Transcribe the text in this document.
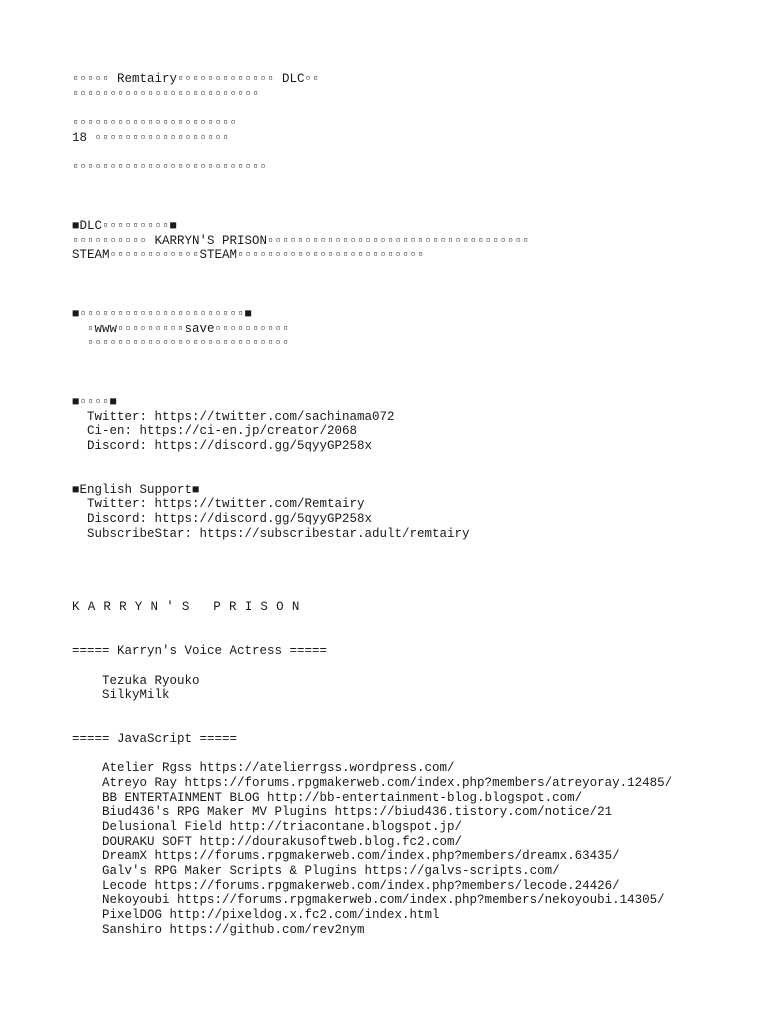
▫▫▫▫▫ Remtairy▫▫▫▫▫▫▫▫▫▫▫▫▫ DLC▫▫
▫▫▫▫▫▫▫▫▫▫▫▫▫▫▫▫▫▫▫▫▫▫▫▫▫
▫▫▫▫▫▫▫▫▫▫▫▫▫▫▫▫▫▫▫▫▫▫
18 ▫▫▫▫▫▫▫▫▫▫▫▫▫▫▫▫▫▫
▫▫▫▫▫▫▫▫▫▫▫▫▫▫▫▫▫▫▫▫▫▫▫▫▫▫
■DLC▫▫▫▫▫▫▫▫▫■
▫▫▫▫▫▫▫▫▫▫ KARRYN'S PRISON▫▫▫▫▫▫▫▫▫▫▫▫▫▫▫▫▫▫▫▫▫▫▫▫▫▫▫▫▫▫▫▫▫▫▫
STEAM▫▫▫▫▫▫▫▫▫▫▫▫STEAM▫▫▫▫▫▫▫▫▫▫▫▫▫▫▫▫▫▫▫▫▫▫▫▫▫
■▫▫▫▫▫▫▫▫▫▫▫▫▫▫▫▫▫▫▫▫▫▫■
▫www▫▫▫▫▫▫▫▫▫save▫▫▫▫▫▫▫▫▫▫
▫▫▫▫▫▫▫▫▫▫▫▫▫▫▫▫▫▫▫▫▫▫▫▫▫▫▫
■▫▫▫▫■
Twitter: https://twitter.com/sachinama072
Ci-en: https://ci-en.jp/creator/2068
Discord: https://discord.gg/5qyyGP258x
■English Support■
Twitter: https://twitter.com/Remtairy
Discord: https://discord.gg/5qyyGP258x
SubscribeStar: https://subscribestar.adult/remtairy
KARRYN'S PRISON
===== Karryn's Voice Actress =====
Tezuka Ryouko
SilkyMilk
===== JavaScript =====
Atelier Rgss https://atelierrgss.wordpress.com/
Atreyo Ray https://forums.rpgmakerweb.com/index.php?members/atreyoray.12485/
BB ENTERTAINMENT BLOG http://bb-entertainment-blog.blogspot.com/
Biud436's RPG Maker MV Plugins https://biud436.tistory.com/notice/21
Delusional Field http://triacontane.blogspot.jp/
DOURAKU SOFT http://dourakusoftweb.blog.fc2.com/
DreamX https://forums.rpgmakerweb.com/index.php?members/dreamx.63435/
Galv's RPG Maker Scripts & Plugins https://galvs-scripts.com/
Lecode https://forums.rpgmakerweb.com/index.php?members/lecode.24426/
Nekoyoubi https://forums.rpgmakerweb.com/index.php?members/nekoyoubi.14305/
PixelDOG http://pixeldog.x.fc2.com/index.html
Sanshiro https://github.com/rev2nym
